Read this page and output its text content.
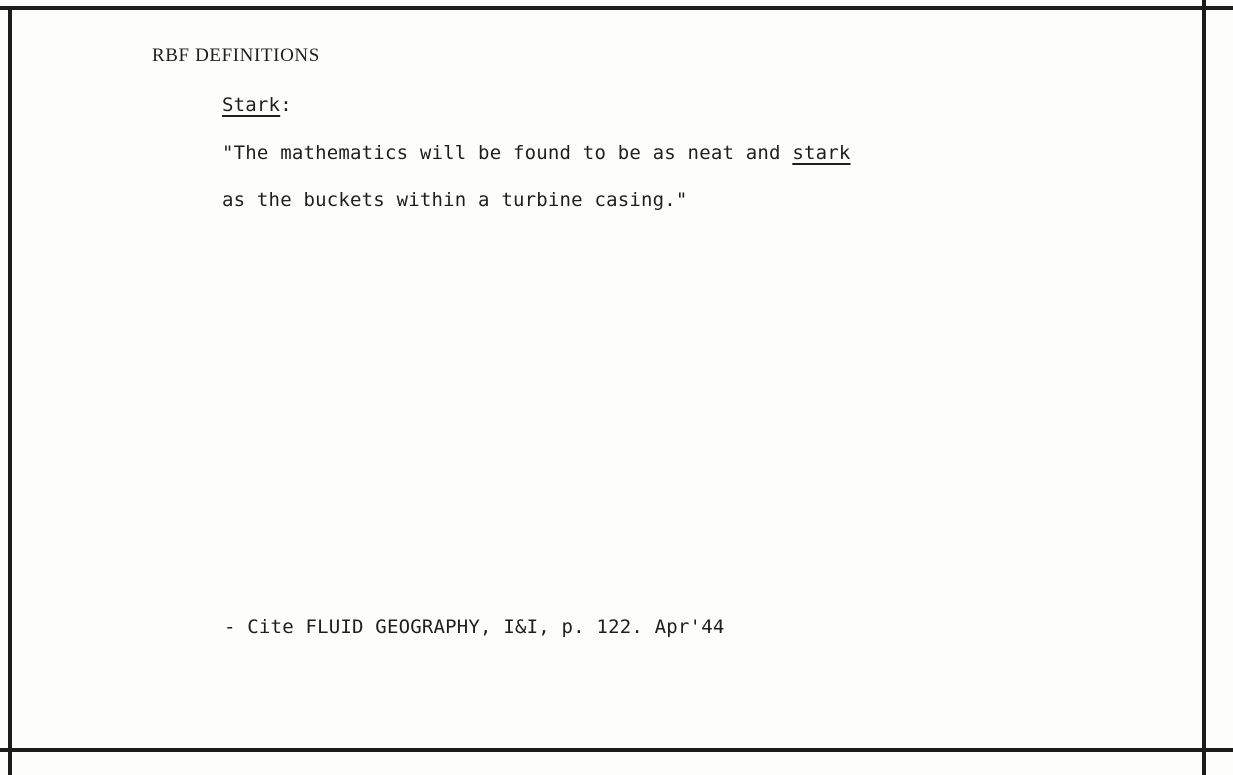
RBF DEFINITIONS
Stark:
"The mathematics will be found to be as neat and stark
as the buckets within a turbine casing."
- Cite FLUID GEOGRAPHY, I&I, p. 122. Apr'44
